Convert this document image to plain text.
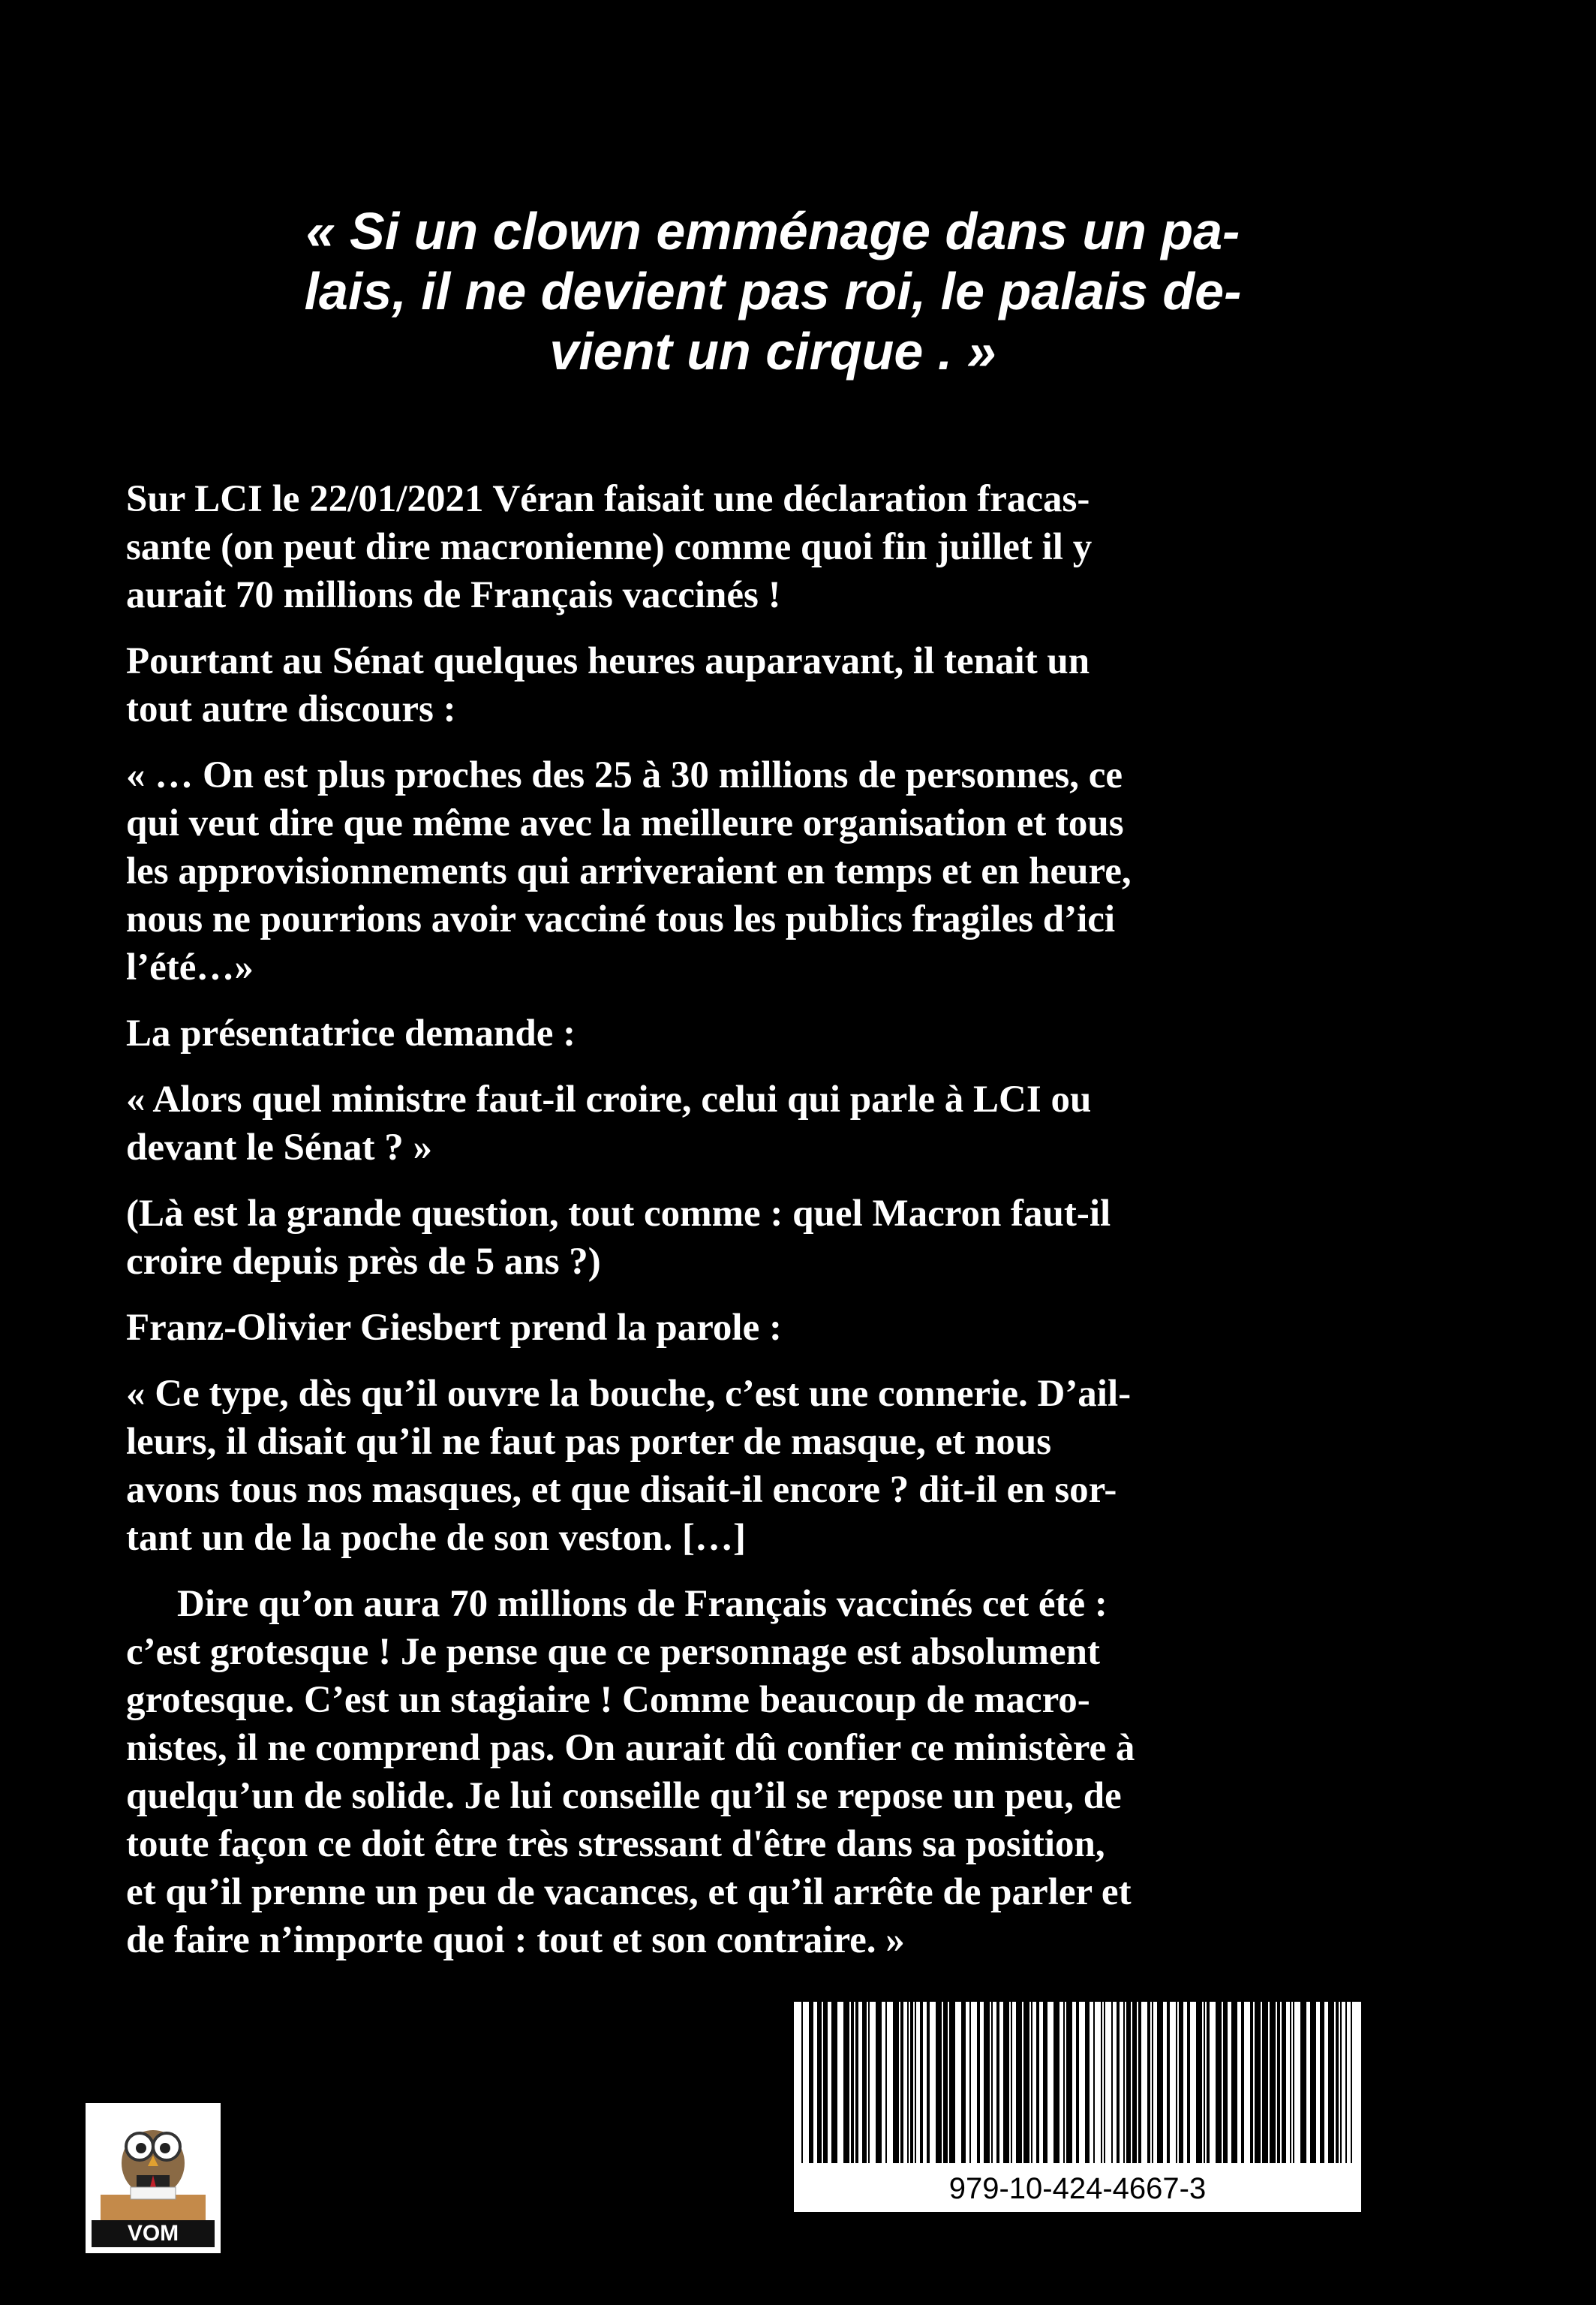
« Si un clown emménage dans un pa-
lais, il ne devient pas roi, le palais de-
vient un cirque . »

Sur LCI le 22/01/2021 Véran faisait une déclaration fracas-
sante (on peut dire macronienne) comme quoi fin juillet il y
aurait 70 millions de Français vaccinés !

Pourtant au Sénat quelques heures auparavant, il tenait un
tout autre discours :

« … On est plus proches des 25 à 30 millions de personnes, ce
qui veut dire que même avec la meilleure organisation et tous
les approvisionnements qui arriveraient en temps et en heure,
nous ne pourrions avoir vacciné tous les publics fragiles d’ici
l’été…»

La présentatrice demande :

« Alors quel ministre faut-il croire, celui qui parle à LCI ou
devant le Sénat ? »

(Là est la grande question, tout comme : quel Macron faut-il
croire depuis près de 5 ans ?)

Franz-Olivier Giesbert prend la parole :

« Ce type, dès qu’il ouvre la bouche, c’est une connerie. D’ail-
leurs, il disait qu’il ne faut pas porter de masque, et nous
avons tous nos masques, et que disait-il encore ? dit-il en sor-
tant un de la poche de son veston. […]

Dire qu’on aura 70 millions de Français vaccinés cet été :
c’est grotesque ! Je pense que ce personnage est absolument
grotesque. C’est un stagiaire ! Comme beaucoup de macro-
nistes, il ne comprend pas. On aurait dû confier ce ministère à
quelqu’un de solide. Je lui conseille qu’il se repose un peu, de
toute façon ce doit être très stressant d'être dans sa position,
et qu’il prenne un peu de vacances, et qu’il arrête de parler et
de faire n’importe quoi : tout et son contraire. »

979-10-424-4667-3
VOM
